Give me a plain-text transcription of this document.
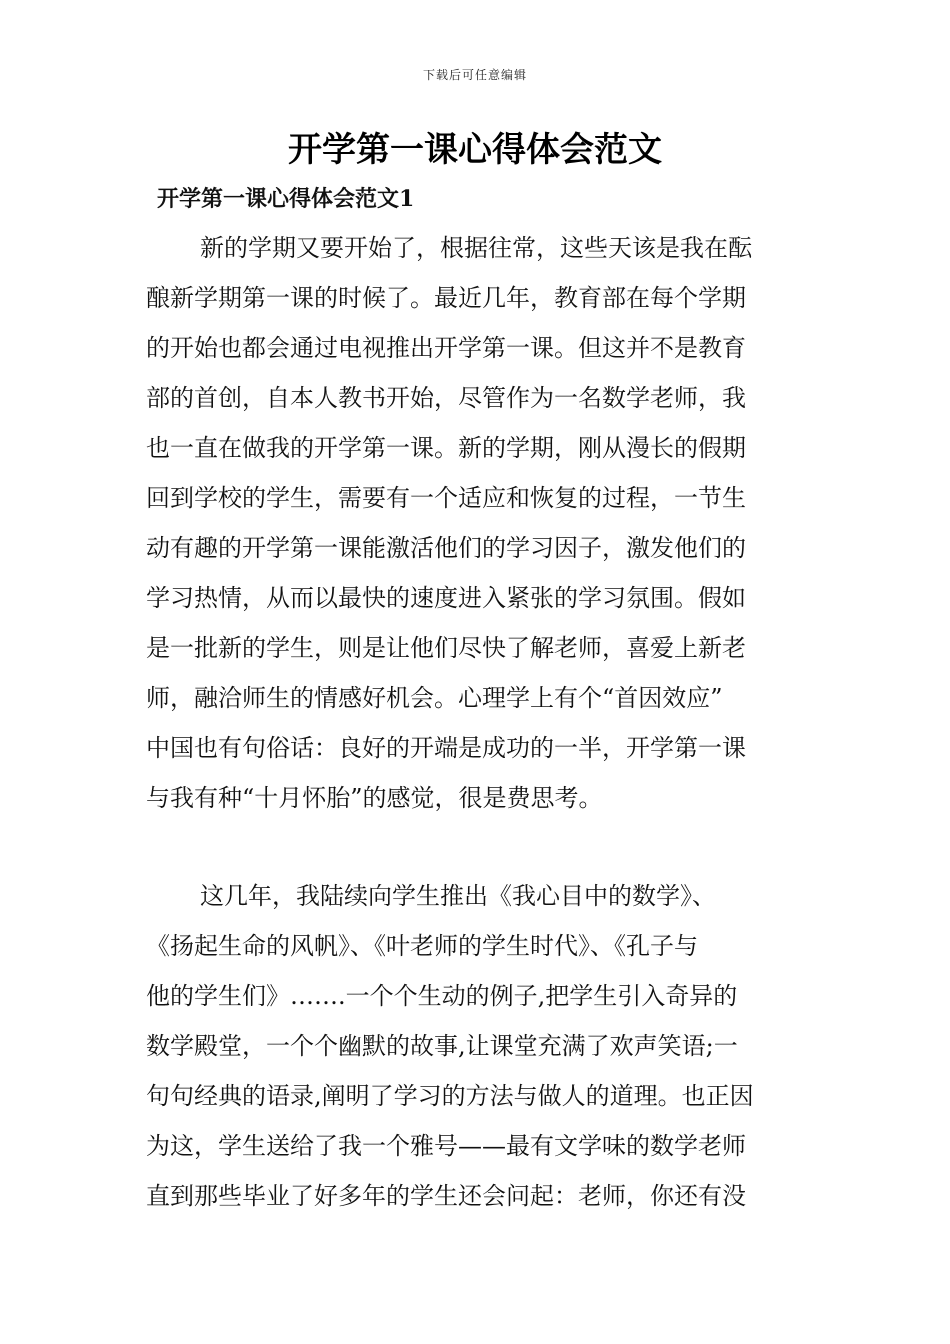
下载后可任意编辑
开学第一课心得体会范文
开学第一课心得体会范文1
新的学期又要开始了，根据往常，这些天该是我在酝
酿新学期第一课的时候了。最近几年，教育部在每个学期
的开始也都会通过电视推出开学第一课。但这并不是教育
部的首创，自本人教书开始，尽管作为一名数学老师，我
也一直在做我的开学第一课。新的学期，刚从漫长的假期
回到学校的学生，需要有一个适应和恢复的过程，一节生
动有趣的开学第一课能激活他们的学习因子，激发他们的
学习热情，从而以最快的速度进入紧张的学习氛围。假如
是一批新的学生，则是让他们尽快了解老师，喜爱上新老
师，融洽师生的情感好机会。心理学上有个“首因效应”
中国也有句俗话：良好的开端是成功的一半，开学第一课
与我有种“十月怀胎”的感觉，很是费思考。
这几年，我陆续向学生推出《我心目中的数学》、
《扬起生命的风帆》、《叶老师的学生时代》、《孔子与
他的学生们》…….一个个生动的例子,把学生引入奇异的
数学殿堂，一个个幽默的故事,让课堂充满了欢声笑语;一
句句经典的语录,阐明了学习的方法与做人的道理。也正因
为这，学生送给了我一个雅号——最有文学味的数学老师
直到那些毕业了好多年的学生还会问起：老师，你还有没
